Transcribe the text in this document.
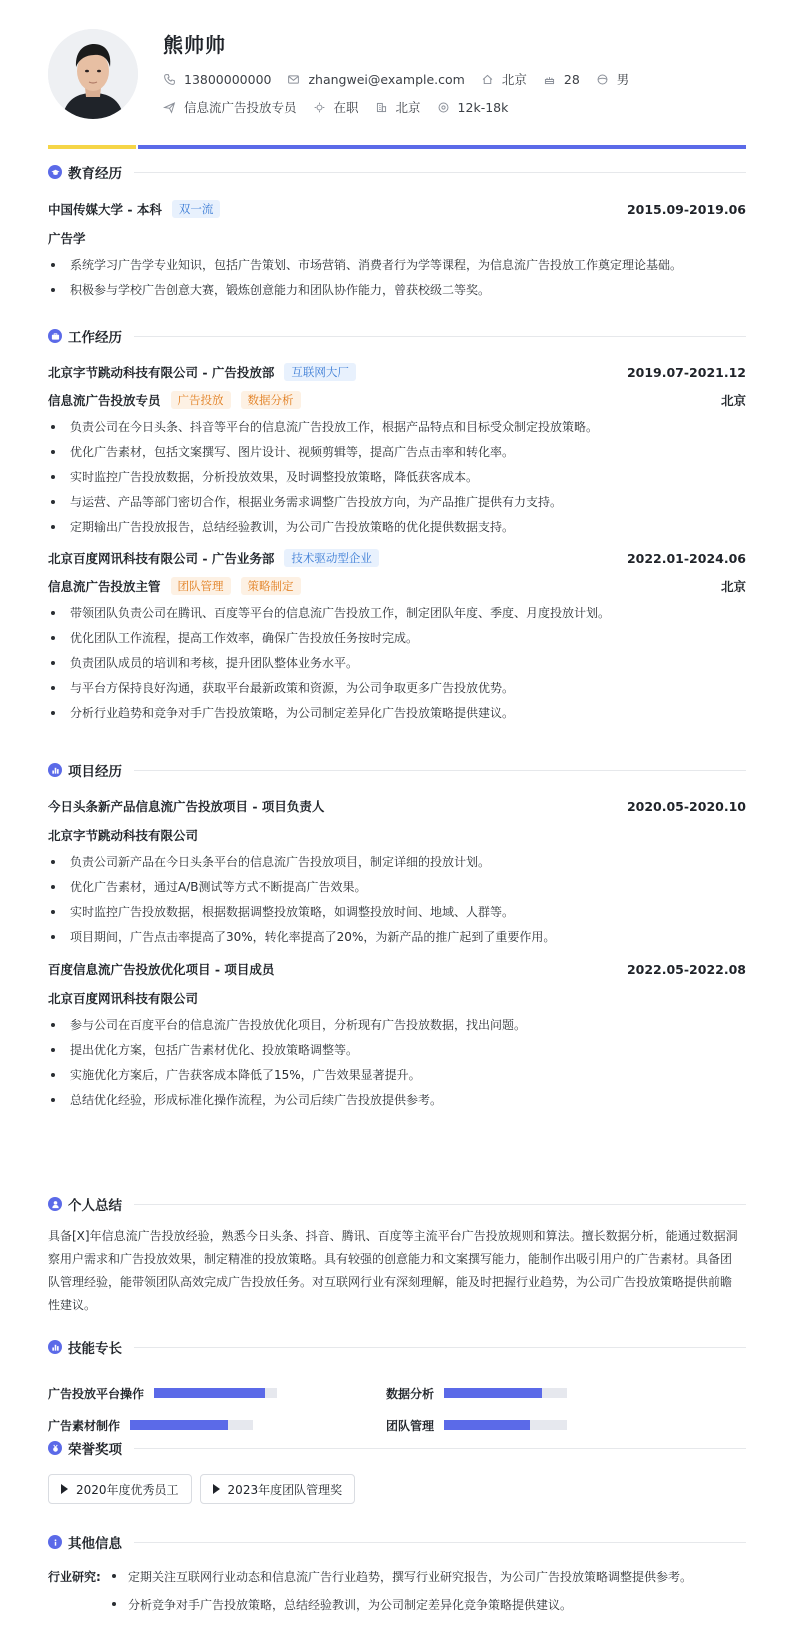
熊帅帅
13800000000	zhangwei@example.com	北京	28	男
信息流广告投放专员	在职	北京	12k-18k
教育经历
中国传媒大学 - 本科	双一流	2015.09-2019.06
广告学
系统学习广告学专业知识，包括广告策划、市场营销、消费者行为学等课程，为信息流广告投放工作奠定理论基础。
积极参与学校广告创意大赛，锻炼创意能力和团队协作能力，曾获校级二等奖。
工作经历
北京字节跳动科技有限公司 - 广告投放部	互联网大厂	2019.07-2021.12
信息流广告投放专员	广告投放	数据分析	北京
负责公司在今日头条、抖音等平台的信息流广告投放工作，根据产品特点和目标受众制定投放策略。
优化广告素材，包括文案撰写、图片设计、视频剪辑等，提高广告点击率和转化率。
实时监控广告投放数据，分析投放效果，及时调整投放策略，降低获客成本。
与运营、产品等部门密切合作，根据业务需求调整广告投放方向，为产品推广提供有力支持。
定期输出广告投放报告，总结经验教训，为公司广告投放策略的优化提供数据支持。
北京百度网讯科技有限公司 - 广告业务部	技术驱动型企业	2022.01-2024.06
信息流广告投放主管	团队管理	策略制定	北京
带领团队负责公司在腾讯、百度等平台的信息流广告投放工作，制定团队年度、季度、月度投放计划。
优化团队工作流程，提高工作效率，确保广告投放任务按时完成。
负责团队成员的培训和考核，提升团队整体业务水平。
与平台方保持良好沟通，获取平台最新政策和资源，为公司争取更多广告投放优势。
分析行业趋势和竞争对手广告投放策略，为公司制定差异化广告投放策略提供建议。
项目经历
今日头条新产品信息流广告投放项目 - 项目负责人	2020.05-2020.10
北京字节跳动科技有限公司
负责公司新产品在今日头条平台的信息流广告投放项目，制定详细的投放计划。
优化广告素材，通过A/B测试等方式不断提高广告效果。
实时监控广告投放数据，根据数据调整投放策略，如调整投放时间、地域、人群等。
项目期间，广告点击率提高了30%，转化率提高了20%，为新产品的推广起到了重要作用。
百度信息流广告投放优化项目 - 项目成员	2022.05-2022.08
北京百度网讯科技有限公司
参与公司在百度平台的信息流广告投放优化项目，分析现有广告投放数据，找出问题。
提出优化方案，包括广告素材优化、投放策略调整等。
实施优化方案后，广告获客成本降低了15%，广告效果显著提升。
总结优化经验，形成标准化操作流程，为公司后续广告投放提供参考。
个人总结
具备[X]年信息流广告投放经验，熟悉今日头条、抖音、腾讯、百度等主流平台广告投放规则和算法。擅长数据分析，能通过数据洞
察用户需求和广告投放效果，制定精准的投放策略。具有较强的创意能力和文案撰写能力，能制作出吸引用户的广告素材。具备团
队管理经验，能带领团队高效完成广告投放任务。对互联网行业有深刻理解，能及时把握行业趋势，为公司广告投放策略提供前瞻
性建议。
技能专长
广告投放平台操作	数据分析
广告素材制作	团队管理
荣誉奖项
2020年度优秀员工	2023年度团队管理奖
其他信息
行业研究:	定期关注互联网行业动态和信息流广告行业趋势，撰写行业研究报告，为公司广告投放策略调整提供参考。
分析竞争对手广告投放策略，总结经验教训，为公司制定差异化竞争策略提供建议。
